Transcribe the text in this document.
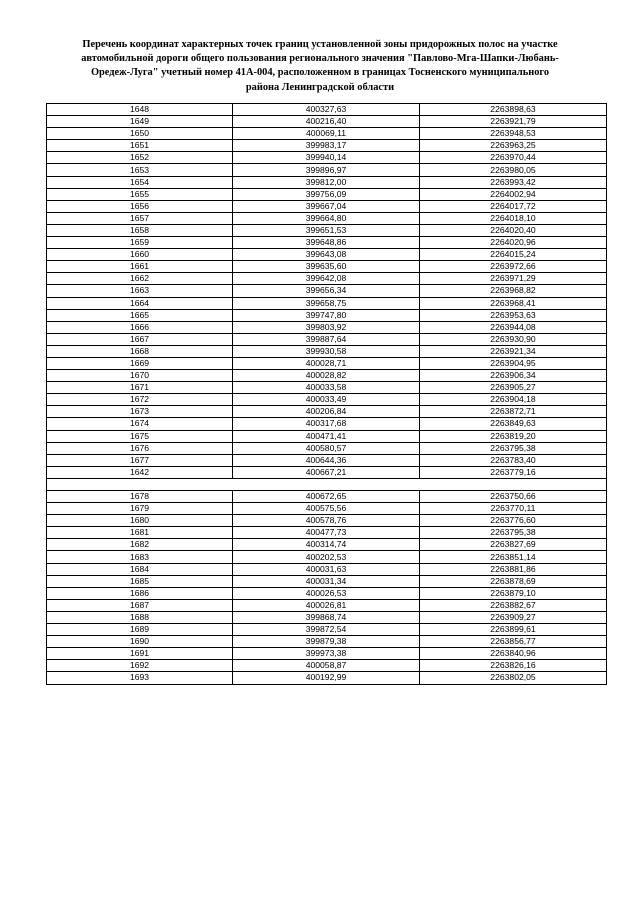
Перечень координат характерных точек границ установленной зоны придорожных полос на участке
автомобильной дороги общего пользования регионального значения "Павлово-Мга-Шапки-Любань-
Оредеж-Луга" учетный номер 41А-004, расположенном в границах Тосненского муниципального
района Ленинградской области
1648	400327,63	2263898,63
1649	400216,40	2263921,79
1650	400069,11	2263948,53
1651	399983,17	2263963,25
1652	399940,14	2263970,44
1653	399896,97	2263980,05
1654	399812,00	2263993,42
1655	399756,09	2264002,94
1656	399667,04	2264017,72
1657	399664,80	2264018,10
1658	399651,53	2264020,40
1659	399648,86	2264020,96
1660	399643,08	2264015,24
1661	399635,60	2263972,66
1662	399642,08	2263971,29
1663	399656,34	2263968,82
1664	399658,75	2263968,41
1665	399747,80	2263953,63
1666	399803,92	2263944,08
1667	399887,64	2263930,90
1668	399930,58	2263921,34
1669	400028,71	2263904,95
1670	400028,82	2263906,34
1671	400033,58	2263905,27
1672	400033,49	2263904,18
1673	400206,84	2263872,71
1674	400317,68	2263849,63
1675	400471,41	2263819,20
1676	400580,57	2263795,38
1677	400644,36	2263783,40
1642	400667,21	2263779,16

1678	400672,65	2263750,66
1679	400575,56	2263770,11
1680	400578,76	2263776,60
1681	400477,73	2263795,38
1682	400314,74	2263827,69
1683	400202,53	2263851,14
1684	400031,63	2263881,86
1685	400031,34	2263878,69
1686	400026,53	2263879,10
1687	400026,81	2263882,67
1688	399868,74	2263909,27
1689	399872,54	2263899,61
1690	399879,38	2263856,77
1691	399973,38	2263840,96
1692	400058,87	2263826,16
1693	400192,99	2263802,05
